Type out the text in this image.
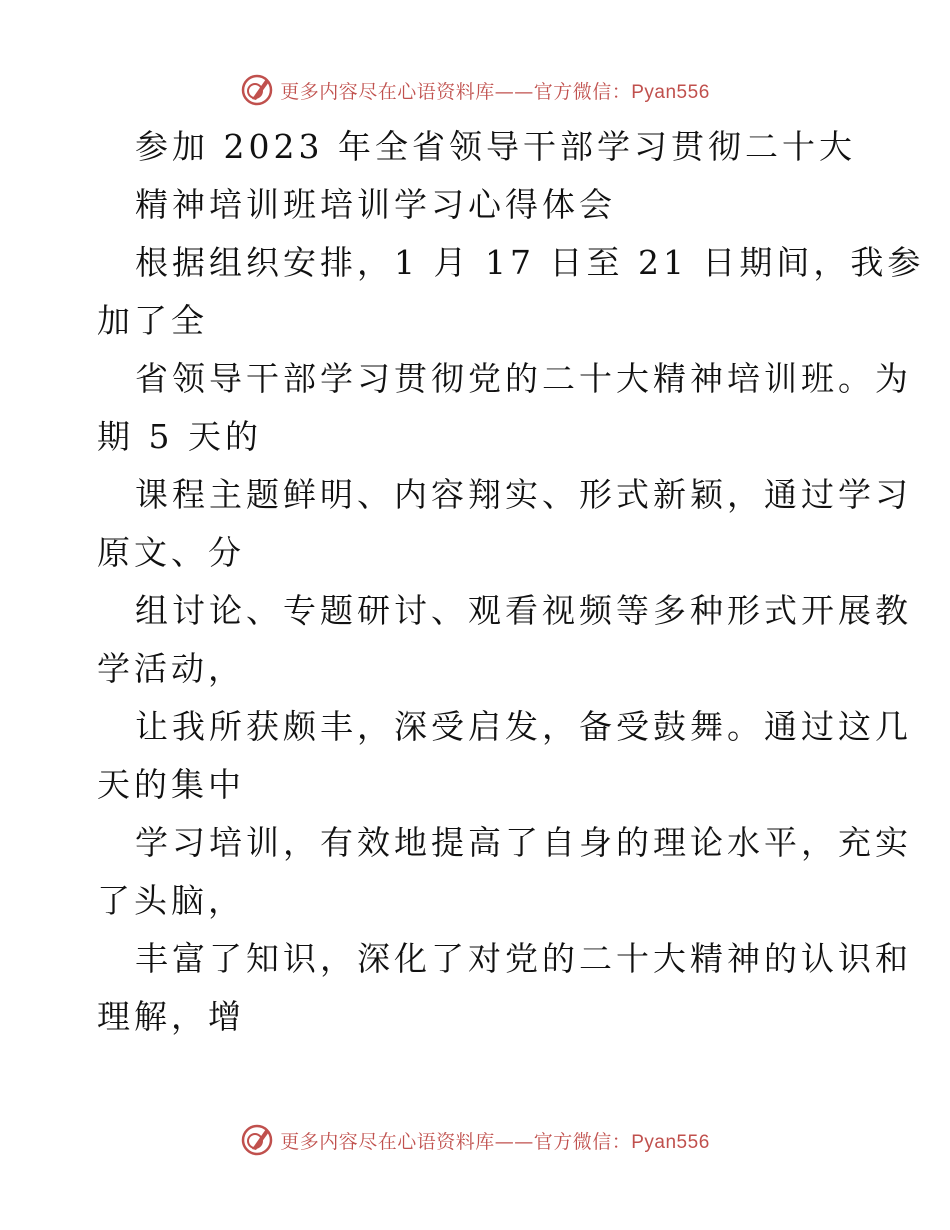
更多内容尽在心语资料库——官方微信：Pyan556
参加 2023 年全省领导干部学习贯彻二十大
精神培训班培训学习心得体会
根据组织安排，1 月 17 日至 21 日期间，我参
加了全
省领导干部学习贯彻党的二十大精神培训班。为
期 5 天的
课程主题鲜明、内容翔实、形式新颖，通过学习
原文、分
组讨论、专题研讨、观看视频等多种形式开展教
学活动，
让我所获颇丰，深受启发，备受鼓舞。通过这几
天的集中
学习培训，有效地提高了自身的理论水平，充实
了头脑，
丰富了知识，深化了对党的二十大精神的认识和
理解，增
更多内容尽在心语资料库——官方微信：Pyan556
